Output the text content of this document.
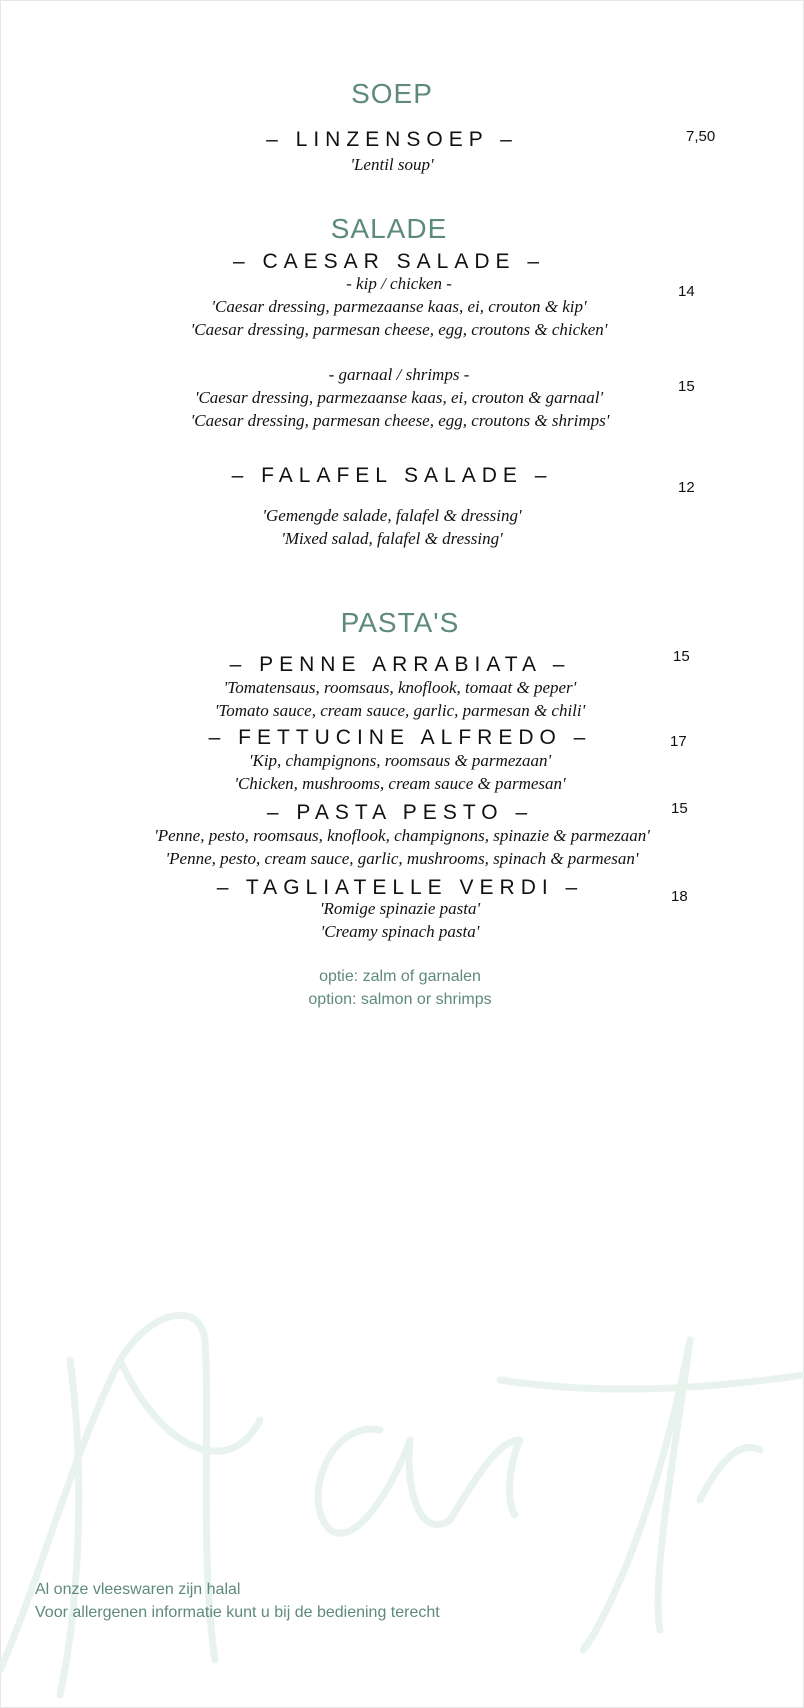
SOEP
– LINZENSOEP –	7,50
'Lentil soup'
SALADE
– CAESAR SALADE –
- kip / chicken -
'Caesar dressing, parmezaanse kaas, ei, crouton & kip'
'Caesar dressing, parmesan cheese, egg, croutons & chicken'
14
- garnaal / shrimps -
'Caesar dressing, parmezaanse kaas, ei, crouton & garnaal'
'Caesar dressing, parmesan cheese, egg, croutons & shrimps'
15
– FALAFEL SALADE –
12
'Gemengde salade, falafel & dressing'
'Mixed salad, falafel & dressing'
PASTA'S
– PENNE ARRABIATA –	15
'Tomatensaus, roomsaus, knoflook, tomaat & peper'
'Tomato sauce, cream sauce, garlic, parmesan & chili'
– FETTUCINE ALFREDO –	17
'Kip, champignons, roomsaus & parmezaan'
'Chicken, mushrooms, cream sauce & parmesan'
– PASTA PESTO –	15
'Penne, pesto, roomsaus, knoflook, champignons, spinazie & parmezaan'
'Penne, pesto, cream sauce, garlic, mushrooms, spinach & parmesan'
– TAGLIATELLE VERDI –	18
'Romige spinazie pasta'
'Creamy spinach pasta'
optie: zalm of garnalen
option: salmon or shrimps
Al onze vleeswaren zijn halal
Voor allergenen informatie kunt u bij de bediening terecht
